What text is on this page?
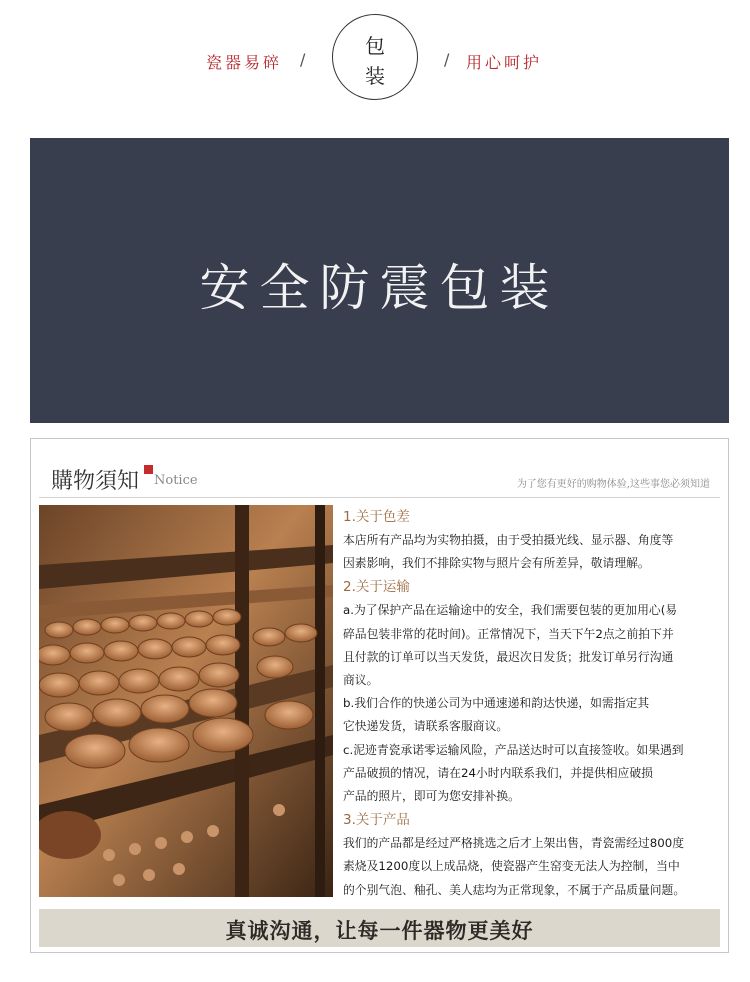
瓷器易碎 /
包
装
/ 用心呵护
安全防震包装
購物須知 Notice	为了您有更好的购物体验,这些事您必须知道

1.关于色差

本店所有产品均为实物拍摄，由于受拍摄光线、显示器、角度等

因素影响，我们不排除实物与照片会有所差异，敬请理解。

2.关于运输

a.为了保护产品在运输途中的安全，我们需要包装的更加用心(易

碎品包装非常的花时间)。正常情况下，当天下午2点之前拍下并

且付款的订单可以当天发货，最迟次日发货；批发订单另行沟通

商议。

b.我们合作的快递公司为中通速递和韵达快递，如需指定其

它快递发货，请联系客服商议。

c.泥迹青瓷承诺零运输风险，产品送达时可以直接签收。如果遇到

产品破损的情况，请在24小时内联系我们，并提供相应破损

产品的照片，即可为您安排补换。

3.关于产品

我们的产品都是经过严格挑选之后才上架出售，青瓷需经过800度

素烧及1200度以上成品烧，使瓷器产生窑变无法人为控制，当中

的个别气泡、釉孔、美人痣均为正常现象，不属于产品质量问题。

真诚沟通，让每一件器物更美好
